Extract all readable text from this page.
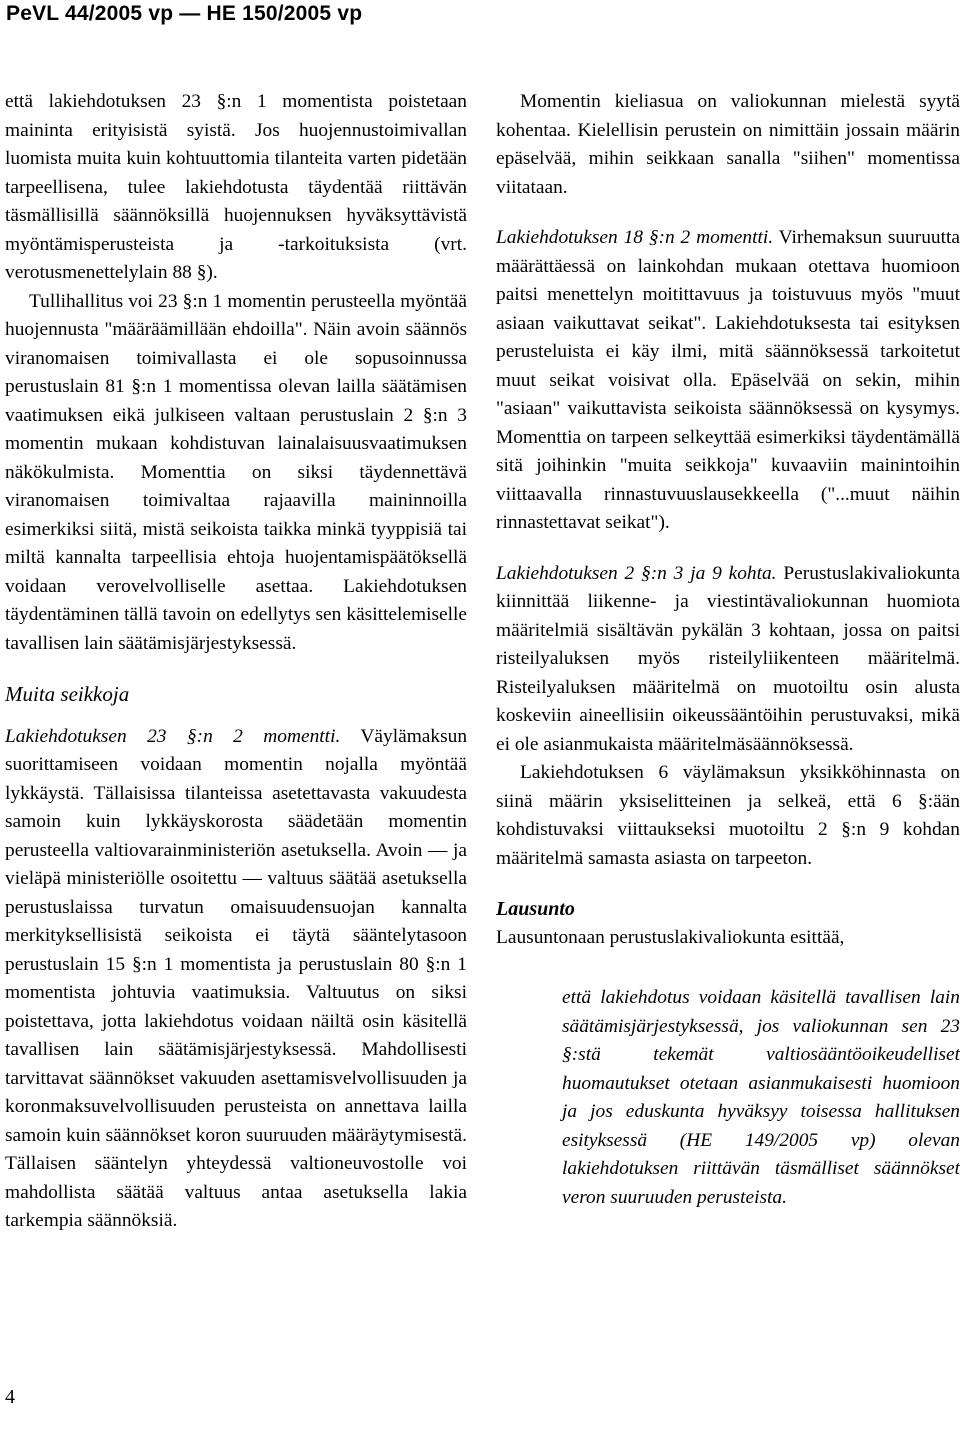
PeVL 44/2005 vp — HE 150/2005 vp

että lakiehdotuksen 23 §:n 1 momentista poistetaan maininta erityisistä syistä. Jos huojennustoimivallan luomista muita kuin kohtuuttomia tilanteita varten pidetään tarpeellisena, tulee lakiehdotusta täydentää riittävän täsmällisillä säännöksillä huojennuksen hyväksyttävistä myöntämisperusteista ja -tarkoituksista (vrt. verotusmenettelylain 88 §).

Tullihallitus voi 23 §:n 1 momentin perusteella myöntää huojennusta "määräämillään ehdoilla". Näin avoin säännös viranomaisen toimivallasta ei ole sopusoinnussa perustuslain 81 §:n 1 momentissa olevan lailla säätämisen vaatimuksen eikä julkiseen valtaan perustuslain 2 §:n 3 momentin mukaan kohdistuvan lainalaisuusvaatimuksen näkökulmista. Momenttia on siksi täydennettävä viranomaisen toimivaltaa rajaavilla maininnoilla esimerkiksi siitä, mistä seikoista taikka minkä tyyppisiä tai miltä kannalta tarpeellisia ehtoja huojentamispäätöksellä voidaan verovelvolliselle asettaa. Lakiehdotuksen täydentäminen tällä tavoin on edellytys sen käsittelemiselle tavallisen lain säätämisjärjestyksessä.

Muita seikkoja

Lakiehdotuksen 23 §:n 2 momentti. Väylämaksun suorittamiseen voidaan momentin nojalla myöntää lykkäystä. Tällaisissa tilanteissa asetettavasta vakuudesta samoin kuin lykkäyskorosta säädetään momentin perusteella valtiovarainministeriön asetuksella. Avoin — ja vieläpä ministeriölle osoitettu — valtuus säätää asetuksella perustuslaissa turvatun omaisuudensuojan kannalta merkityksellisistä seikoista ei täytä sääntelytasoon perustuslain 15 §:n 1 momentista ja perustuslain 80 §:n 1 momentista johtuvia vaatimuksia. Valtuutus on siksi poistettava, jotta lakiehdotus voidaan näiltä osin käsitellä tavallisen lain säätämisjärjestyksessä. Mahdollisesti tarvittavat säännökset vakuuden asettamisvelvollisuuden ja koronmaksuvelvollisuuden perusteista on annettava lailla samoin kuin säännökset koron suuruuden määräytymisestä. Tällaisen sääntelyn yhteydessä valtioneuvostolle voi mahdollista säätää valtuus antaa asetuksella lakia tarkempia säännöksiä.

Momentin kieliasua on valiokunnan mielestä syytä kohentaa. Kielellisin perustein on nimittäin jossain määrin epäselvää, mihin seikkaan sanalla "siihen" momentissa viitataan.

Lakiehdotuksen 18 §:n 2 momentti. Virhemaksun suuruutta määrättäessä on lainkohdan mukaan otettava huomioon paitsi menettelyn moitittavuus ja toistuvuus myös "muut asiaan vaikuttavat seikat". Lakiehdotuksesta tai esityksen perusteluista ei käy ilmi, mitä säännöksessä tarkoitetut muut seikat voisivat olla. Epäselvää on sekin, mihin "asiaan" vaikuttavista seikoista säännöksessä on kysymys. Momenttia on tarpeen selkeyttää esimerkiksi täydentämällä sitä joihinkin "muita seikkoja" kuvaaviin mainintoihin viittaavalla rinnastuvuuslausekkeella ("...muut näihin rinnastettavat seikat").

Lakiehdotuksen 2 §:n 3 ja 9 kohta. Perustuslakivaliokunta kiinnittää liikenne- ja viestintävaliokunnan huomiota määritelmiä sisältävän pykälän 3 kohtaan, jossa on paitsi risteilyaluksen myös risteilyliikenteen määritelmä. Risteilyaluksen määritelmä on muotoiltu osin alusta koskeviin aineellisiin oikeussääntöihin perustuvaksi, mikä ei ole asianmukaista määritelmäsäännöksessä.

Lakiehdotuksen 6 väylämaksun yksikköhinnasta on siinä määrin yksiselitteinen ja selkeä, että 6 §:ään kohdistuvaksi viittaukseksi muotoiltu 2 §:n 9 kohdan määritelmä samasta asiasta on tarpeeton.

Lausunto

Lausuntonaan perustuslakivaliokunta esittää,

että lakiehdotus voidaan käsitellä tavallisen lain säätämisjärjestyksessä, jos valiokunnan sen 23 §:stä tekemät valtiosääntöoikeudelliset huomautukset otetaan asianmukaisesti huomioon ja jos eduskunta hyväksyy toisessa hallituksen esityksessä (HE 149/2005 vp) olevan lakiehdotuksen riittävän täsmälliset säännökset veron suuruuden perusteista.

4
